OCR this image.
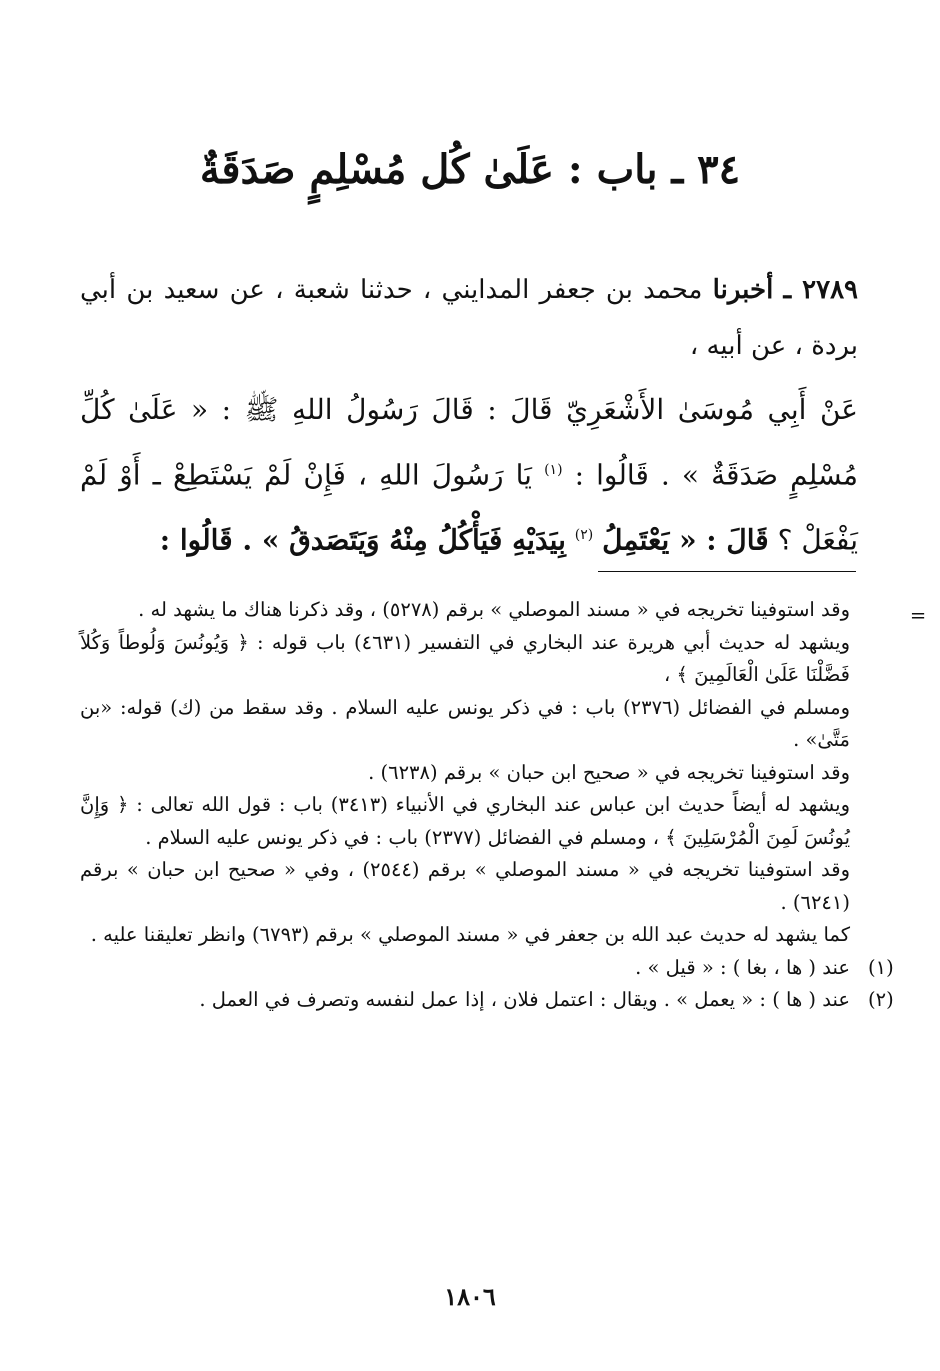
٣٤ ـ باب : عَلَىٰ كُل مُسْلِمٍ صَدَقَةٌ

٢٧٨٩ ـ أخبرنا محمد بن جعفر المدايني ، حدثنا شعبة ، عن سعيد بن أبي بردة ، عن أبيه ،

عَنْ أَبِي مُوسَىٰ الأَشْعَرِيّ قَالَ : قَالَ رَسُولُ اللهِ ﷺ : « عَلَىٰ كُلِّ مُسْلِمٍ صَدَقَةٌ » . قَالُوا : $^{(١)}$ يَا رَسُولَ اللهِ ، فَإِنْ لَمْ يَسْتَطِعْ ـ أَوْ لَمْ يَفْعَلْ ؟ قَالَ : « يَعْتَمِلُ $^{(٢)}$ بِيَدَيْهِ فَيَأْكُلُ مِنْهُ وَيَتَصَدقُ » . قَالُوا :

=

وقد استوفينا تخريجه في « مسند الموصلي » برقم (٥٢٧٨) ، وقد ذكرنا هناك ما يشهد له .

ويشهد له حديث أبي هريرة عند البخاري في التفسير (٤٦٣١) باب قوله : ﴿ وَيُونُسَ وَلُوطاً وَكُلاً فَضَّلْنَا عَلَىٰ الْعَالَمِينَ ﴾ ،

ومسلم في الفضائل (٢٣٧٦) باب : في ذكر يونس عليه السلام . وقد سقط من (ك) قوله: «بن مَتَّىٰ» .

وقد استوفينا تخريجه في « صحيح ابن حبان » برقم (٦٢٣٨) .

ويشهد له أيضاً حديث ابن عباس عند البخاري في الأنبياء (٣٤١٣) باب : قول الله تعالى : ﴿ وَإِنَّ يُونُسَ لَمِنَ الْمُرْسَلِينَ ﴾ ، ومسلم في الفضائل (٢٣٧٧) باب : في ذكر يونس عليه السلام .

وقد استوفينا تخريجه في « مسند الموصلي » برقم (٢٥٤٤) ، وفي « صحيح ابن حبان » برقم (٦٢٤١) .

كما يشهد له حديث عبد الله بن جعفر في « مسند الموصلي » برقم (٦٧٩٣) وانظر تعليقنا عليه .

(١)

عند ( ها ، بغا ) : « قيل » .

(٢)

عند ( ها ) : « يعمل » . ويقال : اعتمل فلان ، إذا عمل لنفسه وتصرف في العمل .

١٨٠٦
